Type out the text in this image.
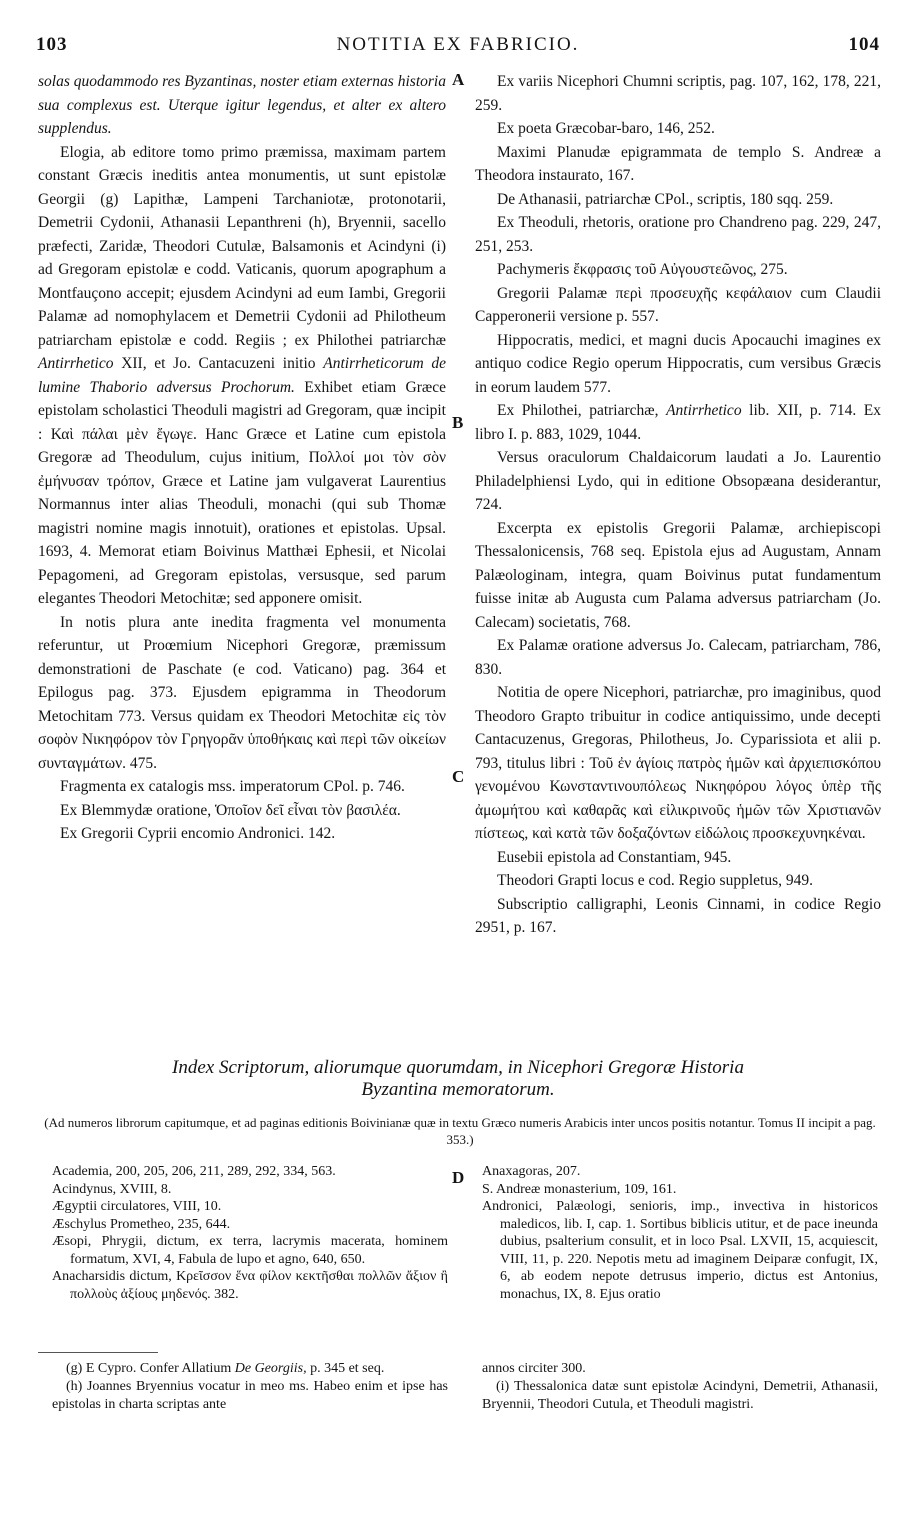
103	NOTITIA EX FABRICIO.	104
A
B
C
D

solas quodammodo res Byzantinas, noster etiam externas historia sua complexus est. Uterque igitur legendus, et alter ex altero supplendus.

Elogia, ab editore tomo primo præmissa, maximam partem constant Græcis ineditis antea monumentis, ut sunt epistolæ Georgii (g) Lapithæ, Lampeni Tarchaniotæ, protonotarii, Demetrii Cydonii, Athanasii Lepanthreni (h), Bryennii, sacello præfecti, Zaridæ, Theodori Cutulæ, Balsamonis et Acindyni (i) ad Gregoram epistolæ e codd. Vaticanis, quorum apographum a Montfauçono accepit; ejusdem Acindyni ad eum Iambi, Gregorii Palamæ ad nomophylacem et Demetrii Cydonii ad Philotheum patriarcham epistolæ e codd. Regiis ; ex Philothei patriarchæ Antirrhetico XII, et Jo. Cantacuzeni initio Antirrheticorum de lumine Thaborio adversus Prochorum. Exhibet etiam Græce epistolam scholastici Theoduli magistri ad Gregoram, quæ incipit : Καὶ πάλαι μὲν ἔγωγε. Hanc Græce et Latine cum epistola Gregoræ ad Theodulum, cujus initium, Πολλοί μοι τὸν σὸν ἐμήνυσαν τρόπον, Græce et Latine jam vulgaverat Laurentius Normannus inter alias Theoduli, monachi (qui sub Thomæ magistri nomine magis innotuit), orationes et epistolas. Upsal. 1693, 4. Memorat etiam Boivinus Matthæi Ephesii, et Nicolai Pepagomeni, ad Gregoram epistolas, versusque, sed parum elegantes Theodori Metochitæ; sed apponere omisit.

In notis plura ante inedita fragmenta vel monumenta referuntur, ut Proœmium Nicephori Gregoræ, præmissum demonstrationi de Paschate (e cod. Vaticano) pag. 364 et Epilogus pag. 373. Ejusdem epigramma in Theodorum Metochitam 773. Versus quidam ex Theodori Metochitæ εἰς τὸν σοφὸν Νικηφόρον τὸν Γρηγορᾶν ὑποθήκαις καὶ περὶ τῶν οἰκείων συνταγμάτων. 475.

Fragmenta ex catalogis mss. imperatorum CPol. p. 746.

Ex Blemmydæ oratione, Ὁποῖον δεῖ εἶναι τὸν βασιλέα.

Ex Gregorii Cyprii encomio Andronici. 142.

Ex variis Nicephori Chumni scriptis, pag. 107, 162, 178, 221, 259.

Ex poeta Græcobar-baro, 146, 252.

Maximi Planudæ epigrammata de templo S. Andreæ a Theodora instaurato, 167.

De Athanasii, patriarchæ CPol., scriptis, 180 sqq. 259.

Ex Theoduli, rhetoris, oratione pro Chandreno pag. 229, 247, 251, 253.

Pachymeris ἔκφρασις τοῦ Αὐγουστεῶνος, 275.

Gregorii Palamæ περὶ προσευχῆς κεφάλαιον cum Claudii Capperonerii versione p. 557.

Hippocratis, medici, et magni ducis Apocauchi imagines ex antiquo codice Regio operum Hippocratis, cum versibus Græcis in eorum laudem 577.

Ex Philothei, patriarchæ, Antirrhetico lib. XII, p. 714. Ex libro I. p. 883, 1029, 1044.

Versus oraculorum Chaldaicorum laudati a Jo. Laurentio Philadelphiensi Lydo, qui in editione Obsopæana desiderantur, 724.

Excerpta ex epistolis Gregorii Palamæ, archiepiscopi Thessalonicensis, 768 seq. Epistola ejus ad Augustam, Annam Palæologinam, integra, quam Boivinus putat fundamentum fuisse initæ ab Augusta cum Palama adversus patriarcham (Jo. Calecam) societatis, 768.

Ex Palamæ oratione adversus Jo. Calecam, patriarcham, 786, 830.

Notitia de opere Nicephori, patriarchæ, pro imaginibus, quod Theodoro Grapto tribuitur in codice antiquissimo, unde decepti Cantacuzenus, Gregoras, Philotheus, Jo. Cyparissiota et alii p. 793, titulus libri : Τοῦ ἐν ἁγίοις πατρὸς ἡμῶν καὶ ἀρχιεπισκόπου γενομένου Κωνσταντινουπόλεως Νικηφόρου λόγος ὑπὲρ τῆς ἀμωμήτου καὶ καθαρᾶς καὶ εἰλικρινοῦς ἡμῶν τῶν Χριστιανῶν πίστεως, καὶ κατὰ τῶν δοξαζόντων εἰδώλοις προσκεχυνηκέναι.

Eusebii epistola ad Constantiam, 945.

Theodori Grapti locus e cod. Regio suppletus, 949.

Subscriptio calligraphi, Leonis Cinnami, in codice Regio 2951, p. 167.

Index Scriptorum, aliorumque quorumdam, in Nicephori Gregoræ Historia
Byzantina memoratorum.
(Ad numeros librorum capitumque, et ad paginas editionis Boivinianæ quæ in textu Græco numeris Arabicis inter uncos positis notantur. Tomus II incipit a pag. 353.)

Academia, 200, 205, 206, 211, 289, 292, 334, 563.

Acindynus, XVIII, 8.

Ægyptii circulatores, VIII, 10.

Æschylus Prometheo, 235, 644.

Æsopi, Phrygii, dictum, ex terra, lacrymis macerata, hominem formatum, XVI, 4, Fabula de lupo et agno, 640, 650.

Anacharsidis dictum, Κρεῖσσον ἕνα φίλον κεκτῆσθαι πολλῶν ἄξιον ἢ πολλοὺς ἀξίους μηδενός. 382.

Anaxagoras, 207.

S. Andreæ monasterium, 109, 161.

Andronici, Palæologi, senioris, imp., invectiva in historicos maledicos, lib. I, cap. 1. Sortibus biblicis utitur, et de pace ineunda dubius, psalterium consulit, et in loco Psal. LXVII, 15, acquiescit, VIII, 11, p. 220. Nepotis metu ad imaginem Deiparæ confugit, IX, 6, ab eodem nepote detrusus imperio, dictus est Antonius, monachus, IX, 8. Ejus oratio

(g) E Cypro. Confer Allatium De Georgiis, p. 345 et seq.

(h) Joannes Bryennius vocatur in meo ms. Habeo enim et ipse has epistolas in charta scriptas ante

annos circiter 300.

(i) Thessalonica datæ sunt epistolæ Acindyni, Demetrii, Athanasii, Bryennii, Theodori Cutula, et Theoduli magistri.
